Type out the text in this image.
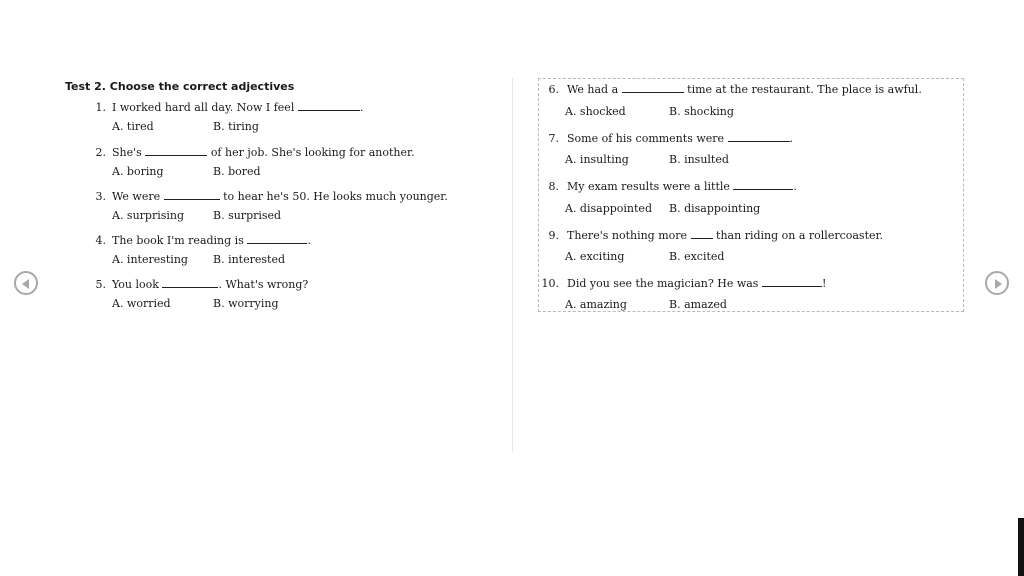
Test 2. Choose the correct adjectives
1. I worked hard all day. Now I feel	.
A. tired	B. tiring
2. She's	of her job. She's looking for another.
A. boring	B. bored
3. We were	to hear he's 50. He looks much younger.
A. surprising	B. surprised
4. The book I'm reading is	.
A. interesting B. interested
5. You look	. What's wrong?
A. worried	B. worrying
6. We had a	time at the restaurant. The place is awful.
A. shocked	B. shocking
7. Some of his comments were	.
A. insulting	B. insulted
8. My exam results were a little	.
A. disappointed B. disappointing
9. There's nothing more	than riding on a rollercoaster.
A. exciting	B. excited
10. Did you see the magician? He was	!
A. amazing	B. amazed
